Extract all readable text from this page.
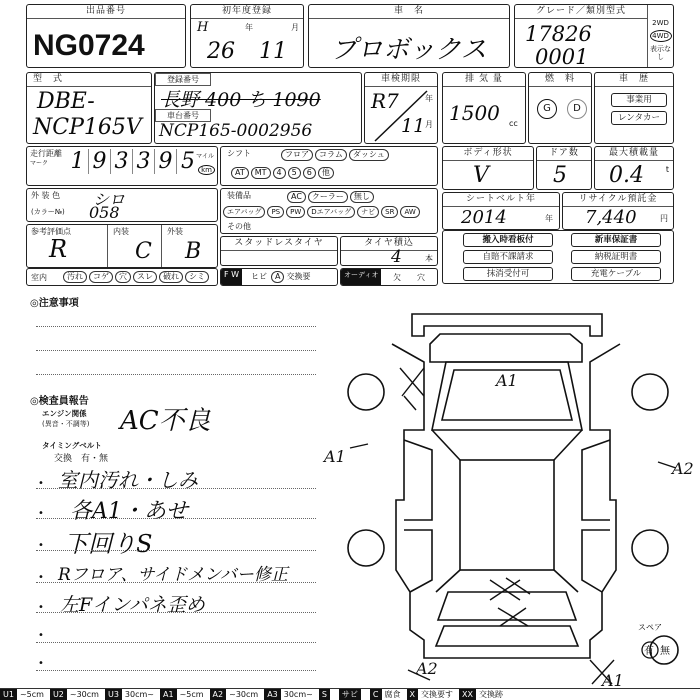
出品番号
NG0724
初年度登録
H	年	月
26 11
車　名
プロボックス
グレード／類別型式
17826
0001
2WD
4WD
表示なし
型　式
DBE-
NCP165V
登録番号
長野 400 ち 1090
車台番号
NCP165-0002956
車検期限
R7	年
11 月
排 気 量
1500 cc
燃　料
G	D
車　歴
事業用
レンタカー
走行距離
マーク 1 9 3 3 9 5 マイル
km
シフト	フロア コラム ダッシュ
AT MT 4 5 6 他
ボディ形状
V
ドア数
5
最大積載量
0.4	t
外 装 色 シロ
(カラー№) 058
装備品	AC クーラー 無し
エアバッグ PS PW Dエアバッグ ナビ SR AW
その他
シートベルト年
2014	年
リサイクル預託金
7,440	円
参考評価点
R
内装
C
外装
B	スタッドレスタイヤ	タイヤ積込
4	本
搬入時看板付	新車保証書
自賠不課請求	納税証明書
抹消受付可	充電ケーブル
室内	汚れ コゲ 穴 スレ 破れ シミ	F W	ヒビ A 交換要	オーディオ	欠 穴
◎注意事項
◎検査員報告
エンジン関係
(異音・不調等) AC不良
タイミングベルト
交換　有・無
• 室内汚れ・しみ
• 各A1・あせ
• 下回りS
• Rフロア、サイドメンバー修正
• 左Fインパネ歪め
•
•
A1
A1
A2
A2
A1
スペア
有 無
U1 ~5cm	U2 ~30cm	U3 30cm~	A1 ~5cm	A2 ~30cm	A3 30cm~	S	サビ	C 腐食	X 交換要す	XX 交換跡
